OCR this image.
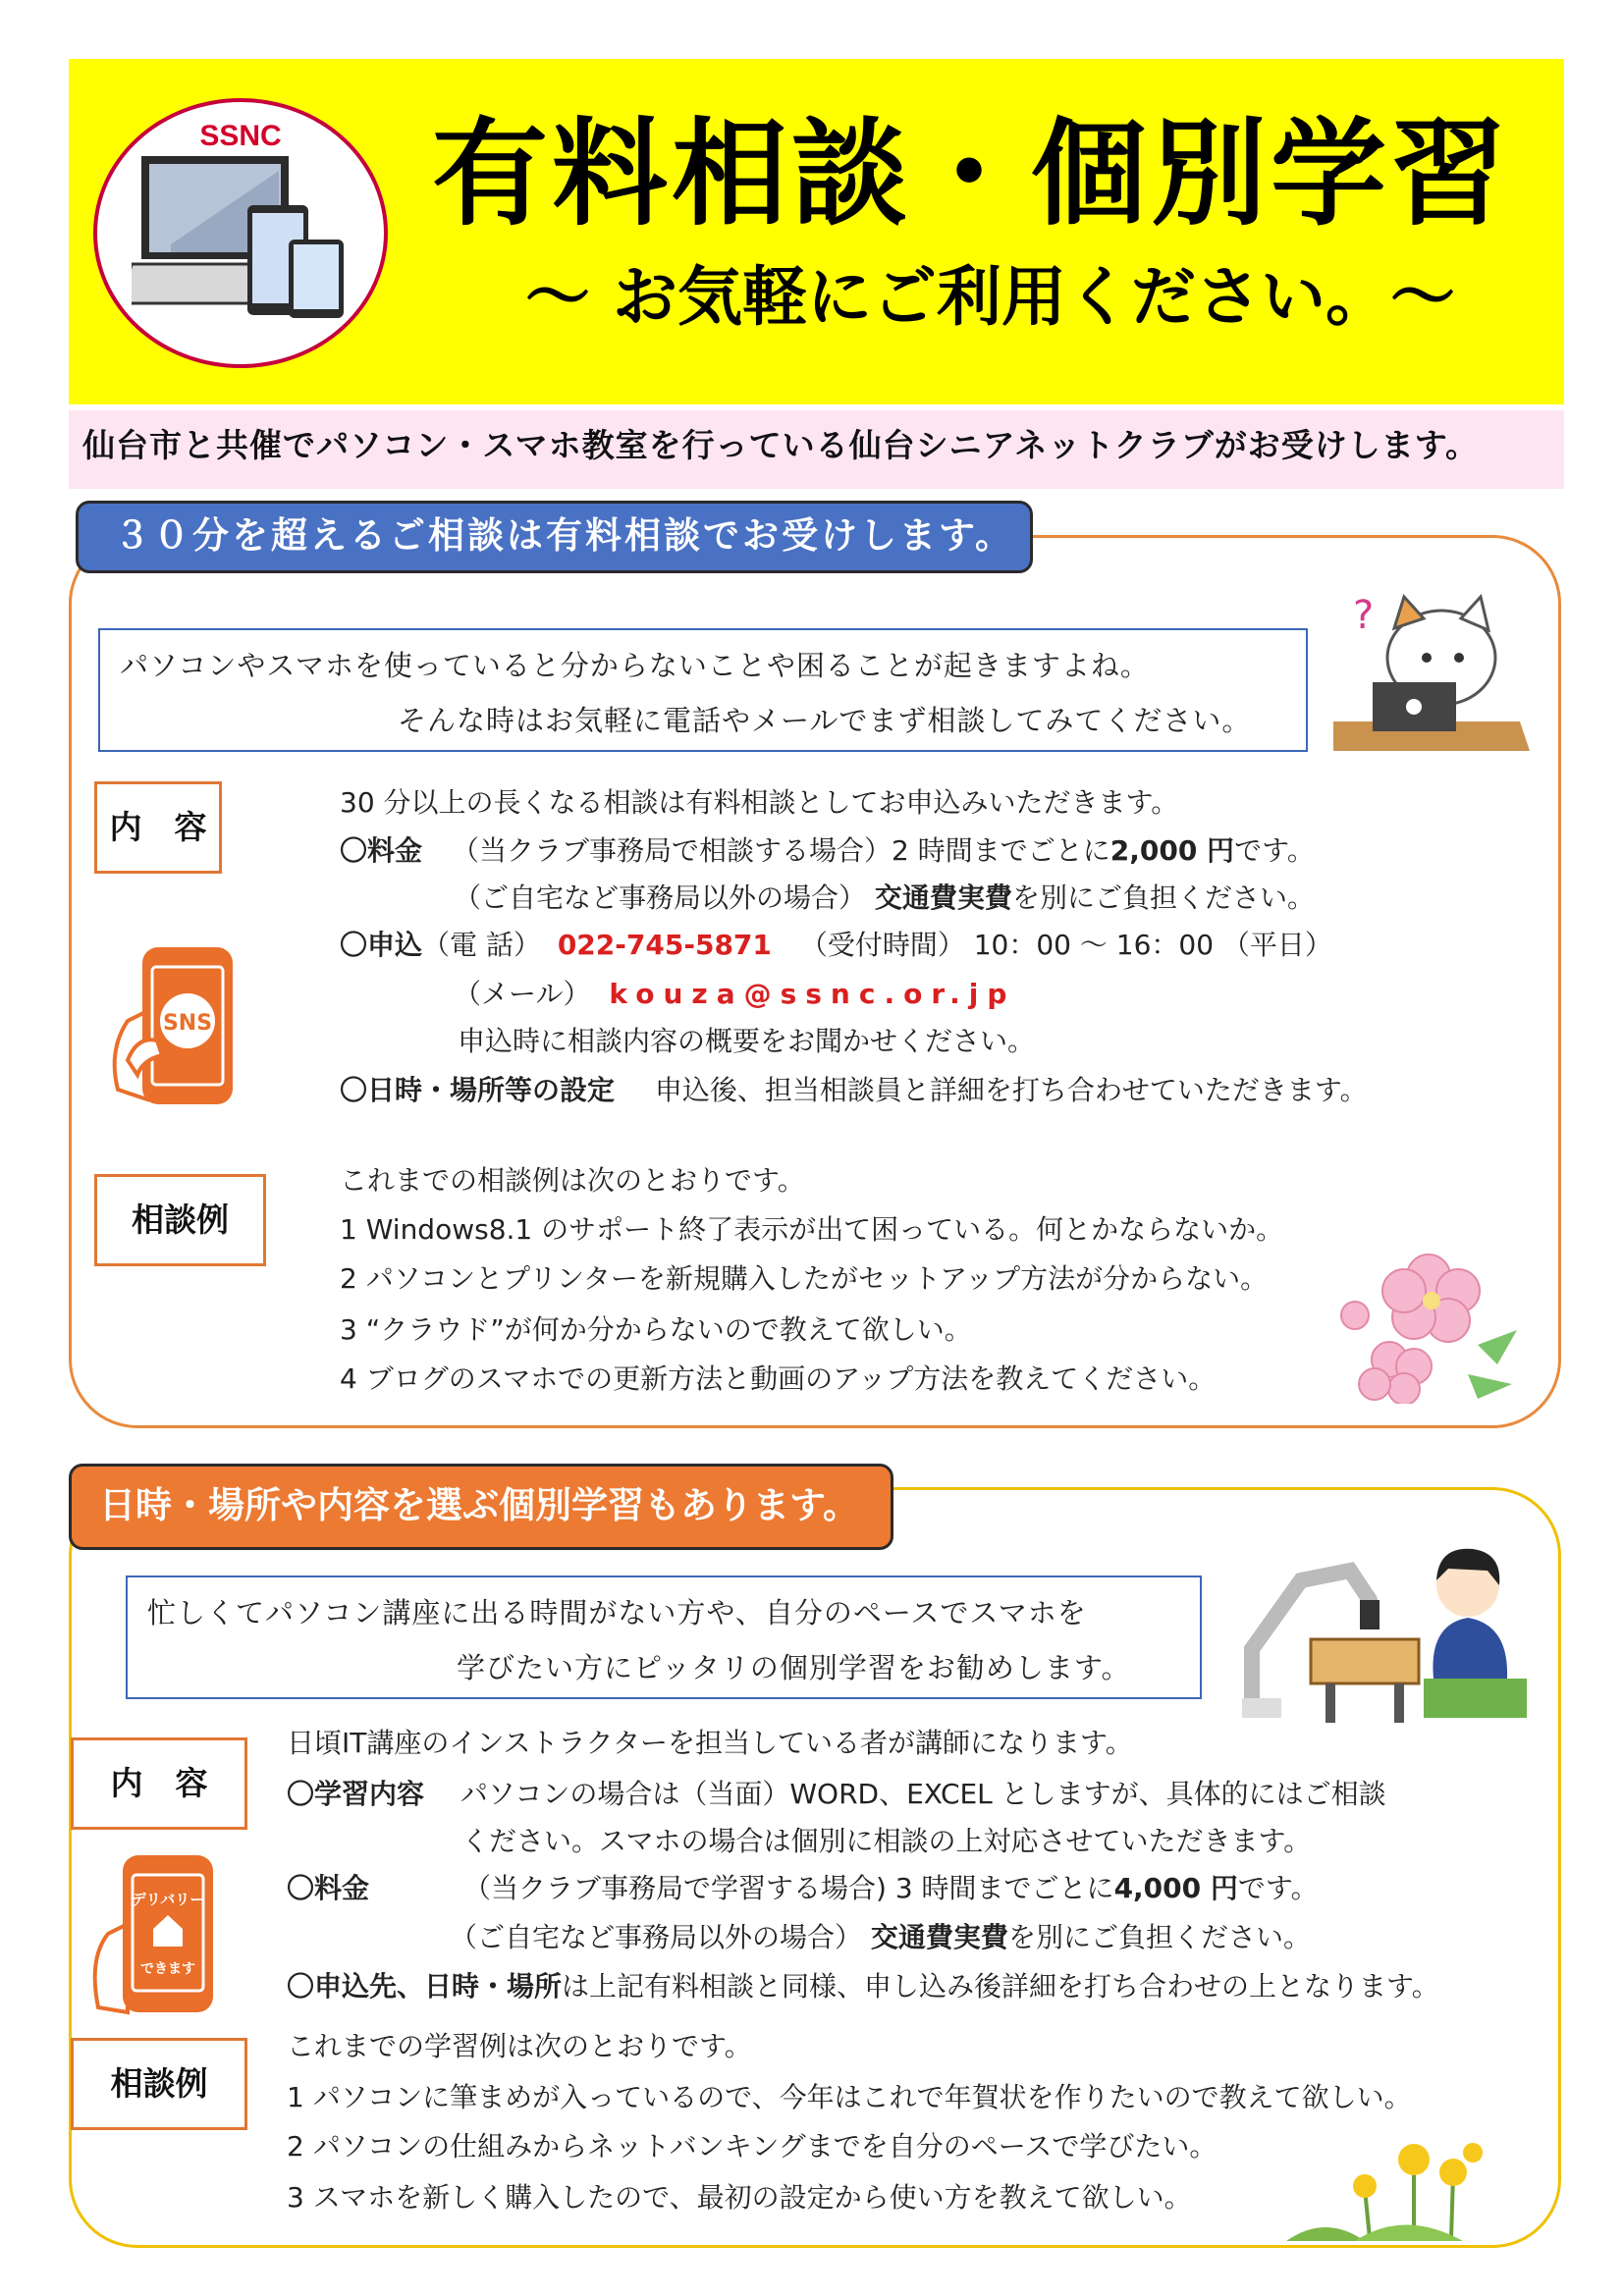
SSNC	有料相談・個別学習
～ お気軽にご利用ください。～
仙台市と共催でパソコン・スマホ教室を行っている仙台シニアネットクラブがお受けします。
３０分を超えるご相談は有料相談でお受けします。
パソコンやスマホを使っていると分からないことや困ることが起きますよね。
そんな時はお気軽に電話やメールでまず相談してみてください。
?
内　容
30 分以上の長くなる相談は有料相談としてお申込みいただきます。
〇料金 （当クラブ事務局で相談する場合）2 時間までごとに2,000 円です。
（ご自宅など事務局以外の場合） 交通費実費を別にご負担ください。
〇申込（電 話） 022-745-5871 （受付時間） 10：00 ～ 16：00 （平日）
（メール） kouza@ssnc.or.jp
申込時に相談内容の概要をお聞かせください。
〇日時・場所等の設定 申込後、担当相談員と詳細を打ち合わせていただきます。
SNS
相談例
これまでの相談例は次のとおりです。
1 Windows8.1 のサポート終了表示が出て困っている。何とかならないか。
2 パソコンとプリンターを新規購入したがセットアップ方法が分からない。
3 “クラウド”が何か分からないので教えて欲しい。
4 ブログのスマホでの更新方法と動画のアップ方法を教えてください。
日時・場所や内容を選ぶ個別学習もあります。
忙しくてパソコン講座に出る時間がない方や、自分のペースでスマホを
学びたい方にピッタリの個別学習をお勧めします。
内　容
日頃IT講座のインストラクターを担当している者が講師になります。
〇学習内容 パソコンの場合は（当面）WORD、EXCEL としますが、具体的にはご相談
ください。スマホの場合は個別に相談の上対応させていただきます。
〇料金	（当クラブ事務局で学習する場合) 3 時間までごとに4,000 円です。
（ご自宅など事務局以外の場合） 交通費実費を別にご負担ください。
〇申込先、日時・場所は上記有料相談と同様、申し込み後詳細を打ち合わせの上となります。
デリバリー
できます
相談例
これまでの学習例は次のとおりです。
1 パソコンに筆まめが入っているので、今年はこれで年賀状を作りたいので教えて欲しい。
2 パソコンの仕組みからネットバンキングまでを自分のペースで学びたい。
3 スマホを新しく購入したので、最初の設定から使い方を教えて欲しい。
